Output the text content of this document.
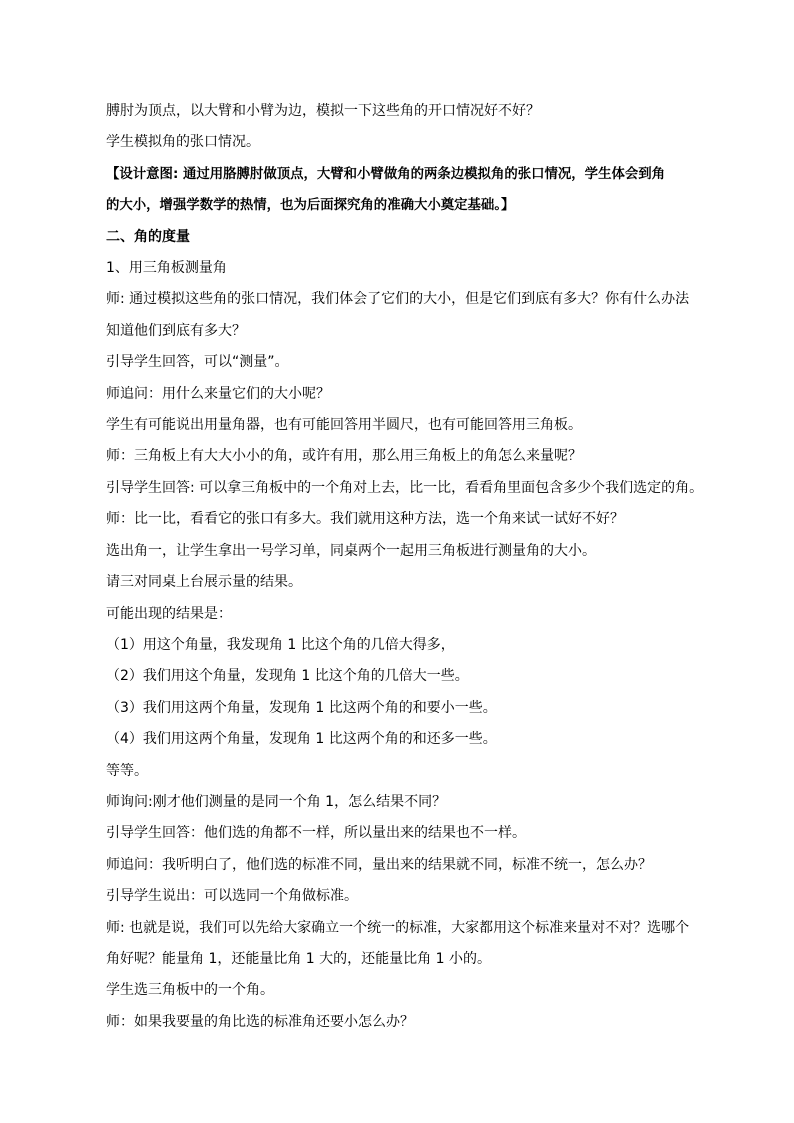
膊肘为顶点，以大臂和小臂为边，模拟一下这些角的开口情况好不好？

学生模拟角的张口情况。

【设计意图: 通过用胳膊肘做顶点，大臂和小臂做角的两条边模拟角的张口情况，学生体会到角

的大小，增强学数学的热情，也为后面探究角的准确大小奠定基础。】

二、角的度量

1、用三角板测量角

师: 通过模拟这些角的张口情况，我们体会了它们的大小，但是它们到底有多大？你有什么办法

知道他们到底有多大？

引导学生回答，可以“测量”。

师追问：用什么来量它们的大小呢？

学生有可能说出用量角器，也有可能回答用半圆尺，也有可能回答用三角板。

师：三角板上有大大小小的角，或许有用，那么用三角板上的角怎么来量呢？

引导学生回答: 可以拿三角板中的一个角对上去，比一比，看看角里面包含多少个我们选定的角。

师：比一比，看看它的张口有多大。我们就用这种方法，选一个角来试一试好不好？

选出角一，让学生拿出一号学习单，同桌两个一起用三角板进行测量角的大小。

请三对同桌上台展示量的结果。

可能出现的结果是：

（1）用这个角量，我发现角 1 比这个角的几倍大得多，

（2）我们用这个角量，发现角 1 比这个角的几倍大一些。

（3）我们用这两个角量，发现角 1 比这两个角的和要小一些。

（4）我们用这两个角量，发现角 1 比这两个角的和还多一些。

等等。

师询问:刚才他们测量的是同一个角 1，怎么结果不同？

引导学生回答：他们选的角都不一样，所以量出来的结果也不一样。

师追问：我听明白了，他们选的标准不同，量出来的结果就不同，标准不统一，怎么办？

引导学生说出：可以选同一个角做标准。

师: 也就是说，我们可以先给大家确立一个统一的标准，大家都用这个标准来量对不对？选哪个

角好呢？能量角 1，还能量比角 1 大的，还能量比角 1 小的。

学生选三角板中的一个角。

师：如果我要量的角比选的标准角还要小怎么办？
